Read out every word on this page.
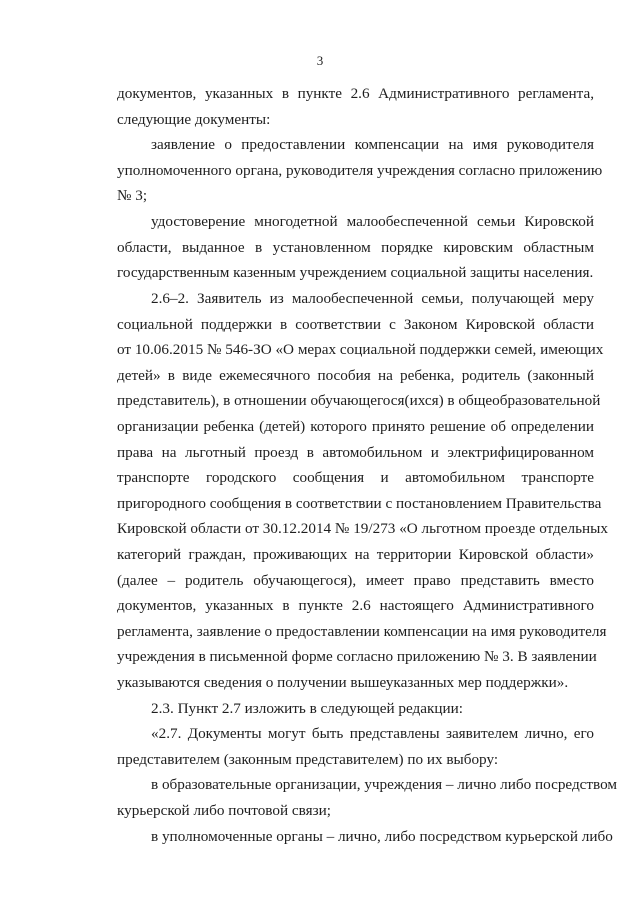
3
документов, указанных в пункте 2.6 Административного регламента,
следующие документы:
заявление о предоставлении компенсации на имя руководителя
уполномоченного органа, руководителя учреждения согласно приложению
№ 3;
удостоверение многодетной малообеспеченной семьи Кировской
области, выданное в установленном порядке кировским областным
государственным казенным учреждением социальной защиты населения.
2.6–2. Заявитель из малообеспеченной семьи, получающей меру
социальной поддержки в соответствии с Законом Кировской области
от 10.06.2015 № 546-ЗО «О мерах социальной поддержки семей, имеющих
детей» в виде ежемесячного пособия на ребенка, родитель (законный
представитель), в отношении обучающегося(ихся) в общеобразовательной
организации ребенка (детей) которого принято решение об определении
права на льготный проезд в автомобильном и электрифицированном
транспорте городского сообщения и автомобильном транспорте
пригородного сообщения в соответствии с постановлением Правительства
Кировской области от 30.12.2014 № 19/273 «О льготном проезде отдельных
категорий граждан, проживающих на территории Кировской области»
(далее – родитель обучающегося), имеет право представить вместо
документов, указанных в пункте 2.6 настоящего Административного
регламента, заявление о предоставлении компенсации на имя руководителя
учреждения в письменной форме согласно приложению № 3. В заявлении
указываются сведения о получении вышеуказанных мер поддержки».
2.3. Пункт 2.7 изложить в следующей редакции:
«2.7. Документы могут быть представлены заявителем лично, его
представителем (законным представителем) по их выбору:
в образовательные организации, учреждения – лично либо посредством
курьерской либо почтовой связи;
в уполномоченные органы – лично, либо посредством курьерской либо
